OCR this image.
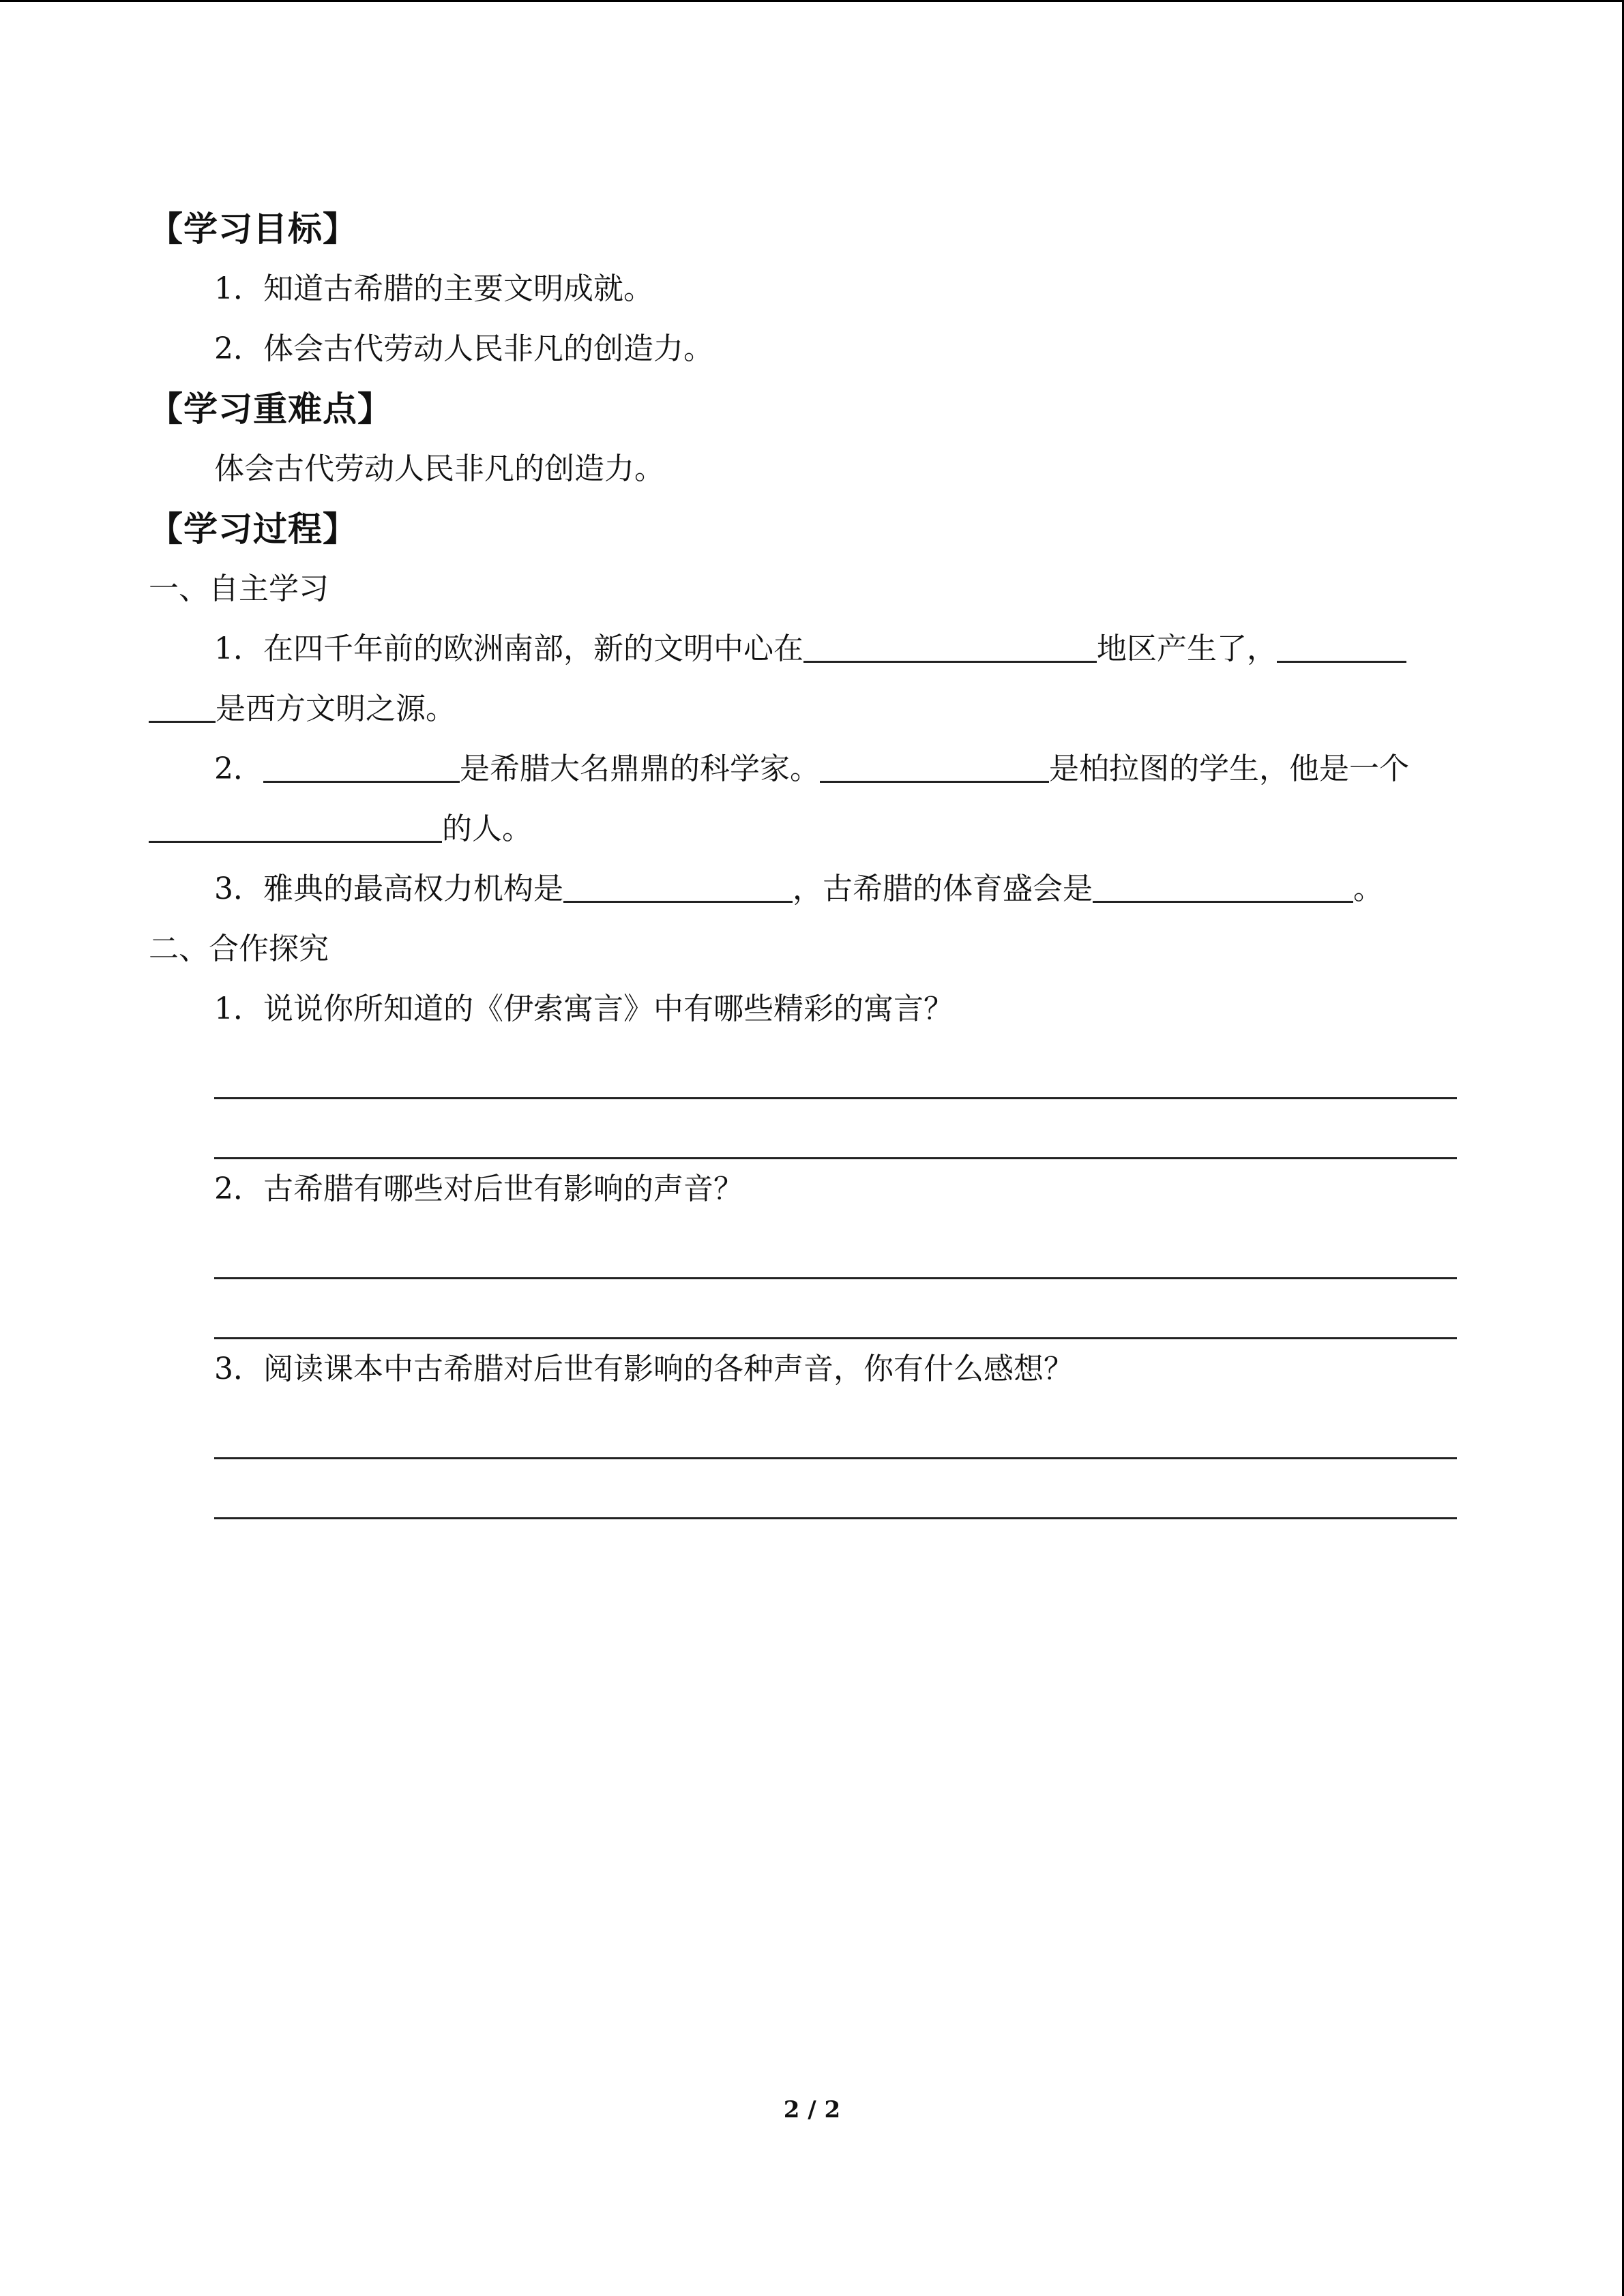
【学习目标】
1．知道古希腊的主要文明成就。
2．体会古代劳动人民非凡的创造力。
【学习重难点】
体会古代劳动人民非凡的创造力。
【学习过程】
一、自主学习
1．在四千年前的欧洲南部，新的文明中心在	地区产生了，
是西方文明之源。
2．	是希腊大名鼎鼎的科学家。	是柏拉图的学生，他是一个
的人。
3．雅典的最高权力机构是	，古希腊的体育盛会是	。
二、合作探究
1．说说你所知道的《伊索寓言》中有哪些精彩的寓言？
2．古希腊有哪些对后世有影响的声音？
3．阅读课本中古希腊对后世有影响的各种声音，你有什么感想？
2 / 2
